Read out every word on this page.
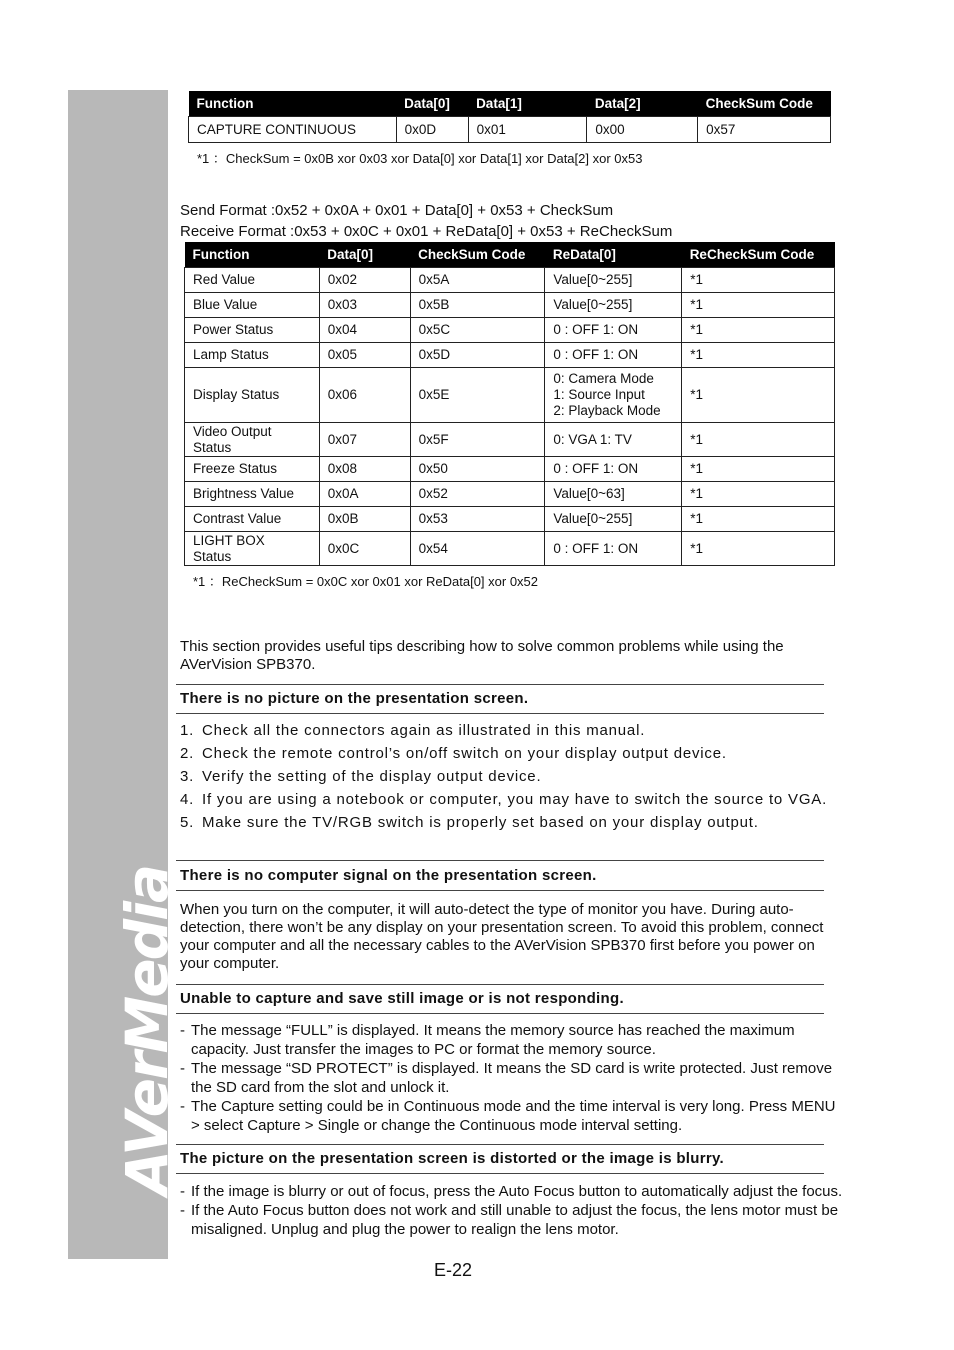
AVerMedia
Function	Data[0]	Data[1]	Data[2]	CheckSum Code
CAPTURE CONTINUOUS	0x0D	0x01	0x00	0x57
*1 ：CheckSum = 0x0B xor 0x03 xor Data[0] xor Data[1] xor Data[2] xor 0x53
Send Format :0x52 + 0x0A + 0x01 + Data[0] + 0x53 + CheckSum
Receive Format :0x53 + 0x0C + 0x01 + ReData[0] + 0x53 + ReCheckSum
Function	Data[0]	CheckSum Code	ReData[0]	ReCheckSum Code
Red Value	0x02	0x5A	Value[0~255]	*1
Blue Value	0x03	0x5B	Value[0~255]	*1
Power Status	0x04	0x5C	0 : OFF 1: ON	*1
Lamp Status	0x05	0x5D	0 : OFF 1: ON	*1
Display Status	0x06	0x5E	0: Camera Mode
1: Source Input
2: Playback Mode	*1
Video Output
Status	0x07	0x5F	0: VGA 1: TV	*1
Freeze Status	0x08	0x50	0 : OFF 1: ON	*1
Brightness Value	0x0A	0x52	Value[0~63]	*1
Contrast Value	0x0B	0x53	Value[0~255]	*1
LIGHT BOX
Status	0x0C	0x54	0 : OFF 1: ON	*1
*1 ：ReCheckSum = 0x0C xor 0x01 xor ReData[0] xor 0x52
This section provides useful tips describing how to solve common problems while using the AVerVision SPB370.
There is no picture on the presentation screen.
1. Check all the connectors again as illustrated in this manual.
2. Check the remote control’s on/off switch on your display output device.
3. Verify the setting of the display output device.
4. If you are using a notebook or computer, you may have to switch the source to VGA.
5. Make sure the TV/RGB switch is properly set based on your display output.
There is no computer signal on the presentation screen.
When you turn on the computer, it will auto-detect the type of monitor you have. During auto-detection, there won’t be any display on your presentation screen. To avoid this problem, connect your computer and all the necessary cables to the AVerVision SPB370 first before you power on your computer.
Unable to capture and save still image or is not responding.
- The message “FULL” is displayed. It means the memory source has reached the maximum capacity. Just transfer the images to PC or format the memory source.
- The message “SD PROTECT” is displayed. It means the SD card is write protected. Just remove the SD card from the slot and unlock it.
- The Capture setting could be in Continuous mode and the time interval is very long. Press MENU > select Capture > Single or change the Continuous mode interval setting.
The picture on the presentation screen is distorted or the image is blurry.
- If the image is blurry or out of focus, press the Auto Focus button to automatically adjust the focus.
- If the Auto Focus button does not work and still unable to adjust the focus, the lens motor must be misaligned. Unplug and plug the power to realign the lens motor.
E-22
